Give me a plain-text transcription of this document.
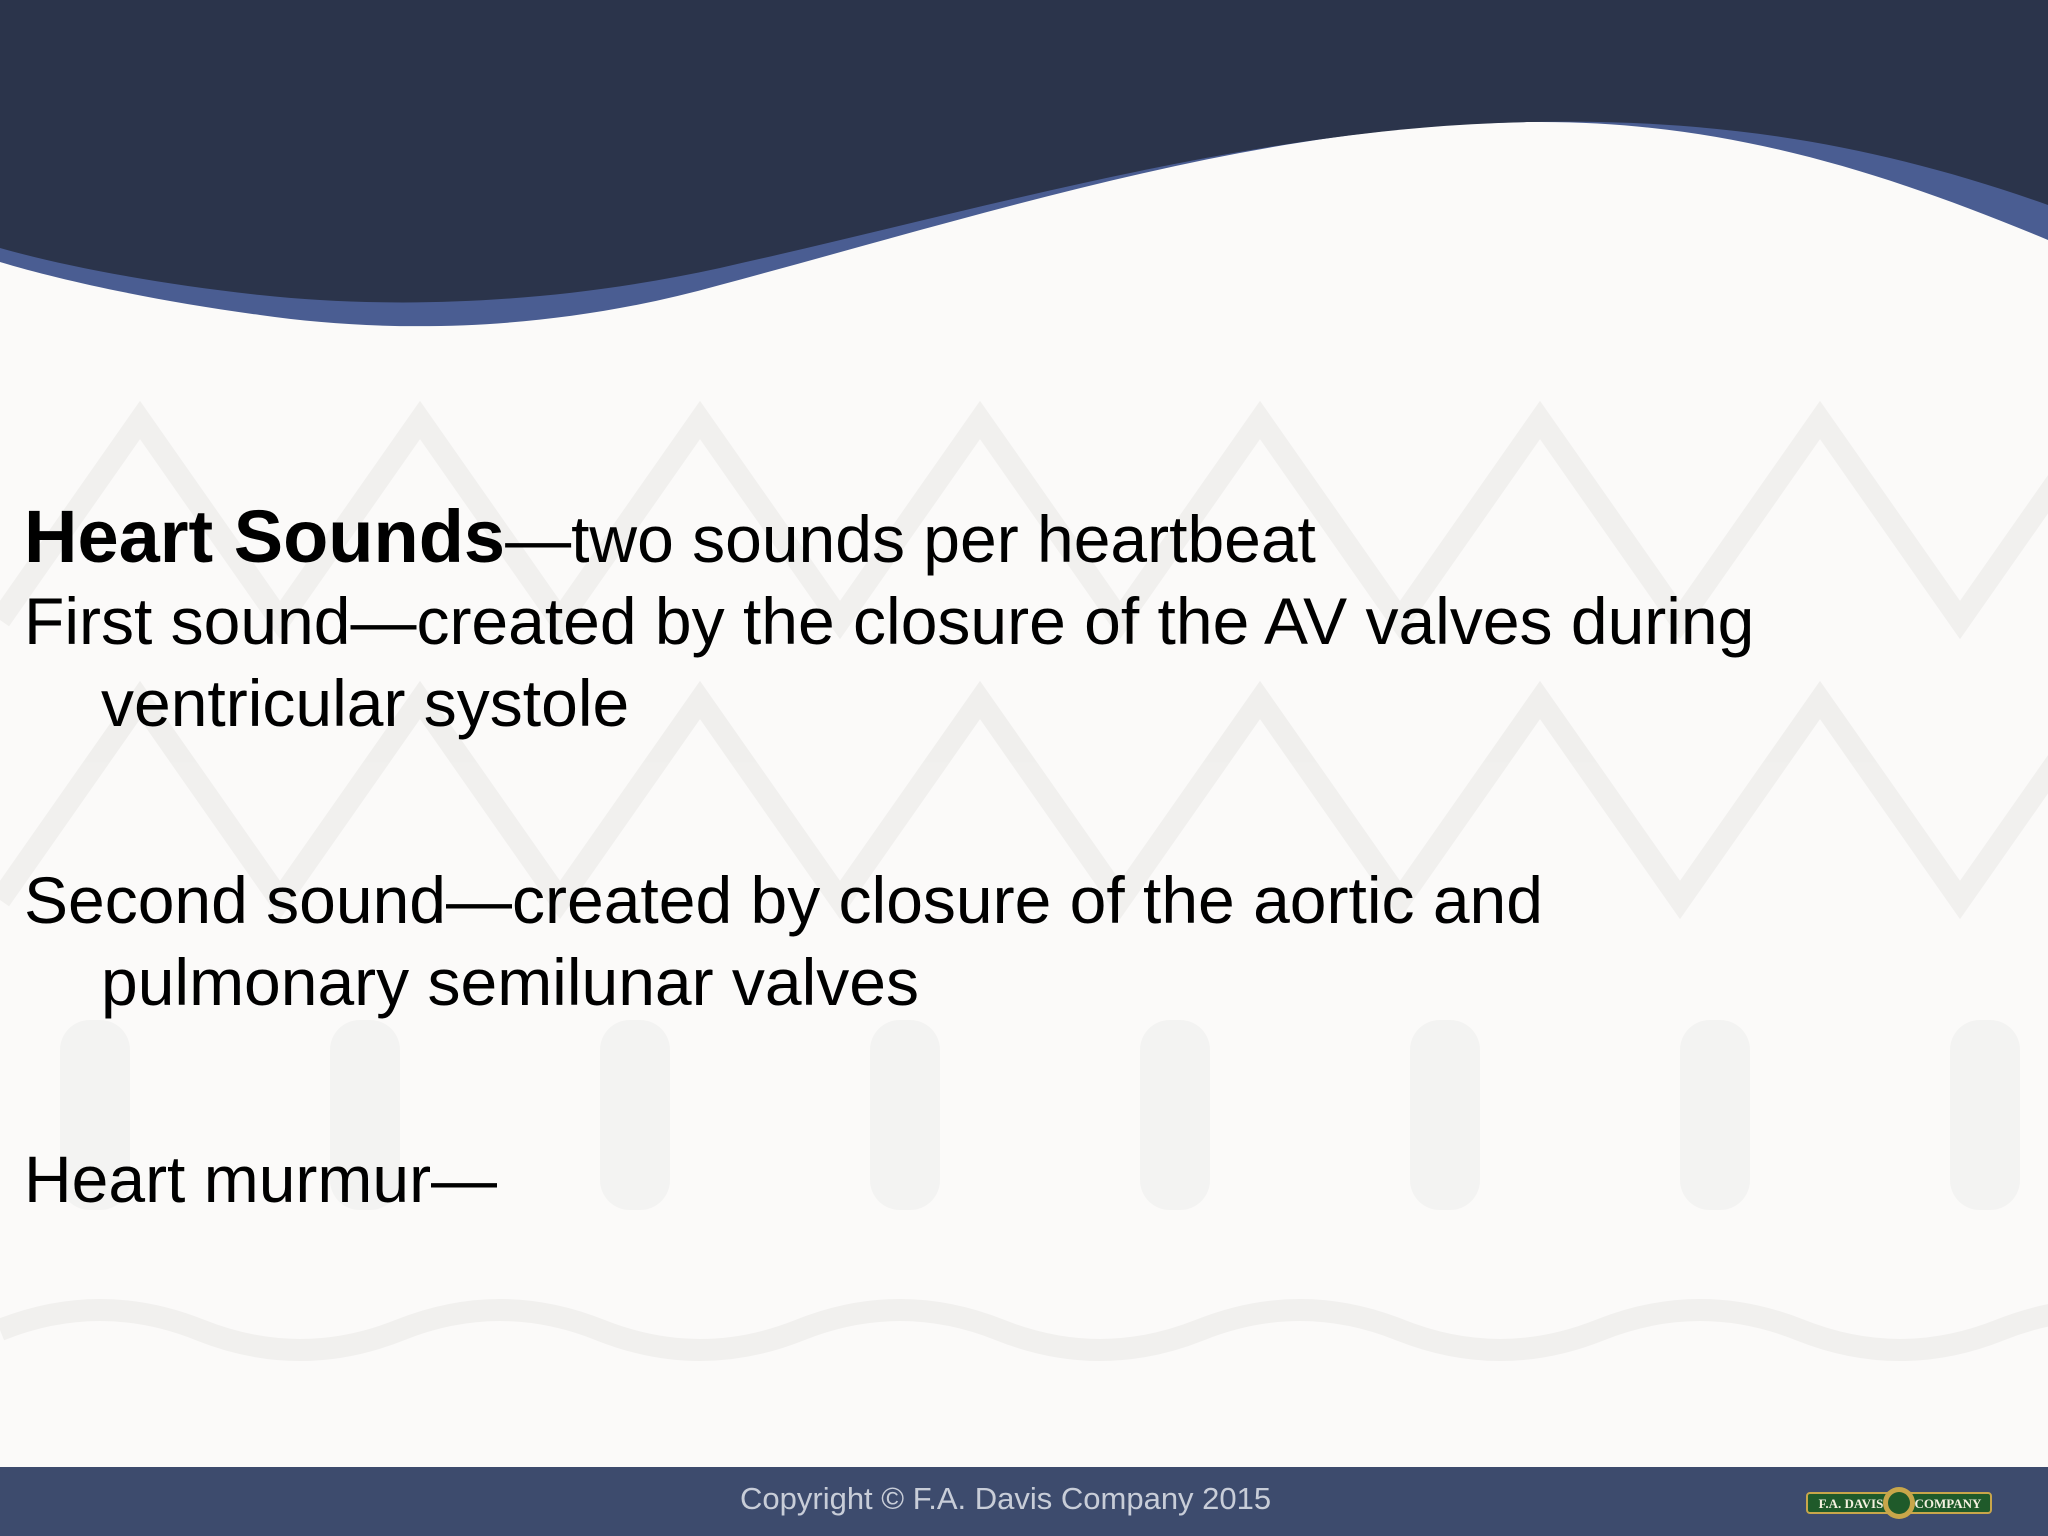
Heart Sounds—two sounds per heartbeat

First sound—created by the closure of the AV valves during

ventricular systole

Second sound—created by closure of the aortic and

pulmonary semilunar valves

Heart murmur—

Copyright © F.A. Davis Company 2015	F.A. DAVIS COMPANY
